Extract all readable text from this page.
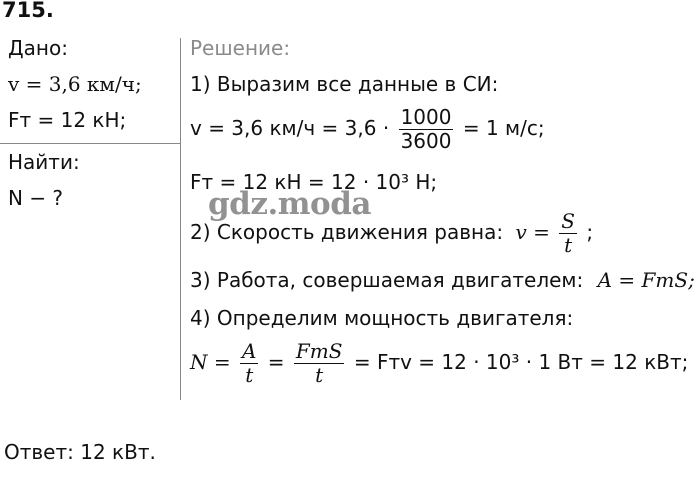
715.
Дано:
v = 3,6 км/ч;
Fт = 12 кН;
Найти:
N − ?
Решение:
1) Выразим все данные в СИ:
v = 3,6 $км/ч = 3,6 \cdot \frac{1000}{3600} = 1$ м/с;
Fт = 12 кН = 12 · 10³ Н;
gdz.moda
2) Скорость движения равна: $v = \frac{S}{t}$ ;
3) Работа, совершаемая двигателем: A = FтS;
4) Определим мощность двигателя:
$N = \frac{A}{t} = \frac{\text{FтS}}{t}$ = Fтv = 12 · 10³ · 1 Вт = 12 кВт;
Ответ: 12 кВт.
